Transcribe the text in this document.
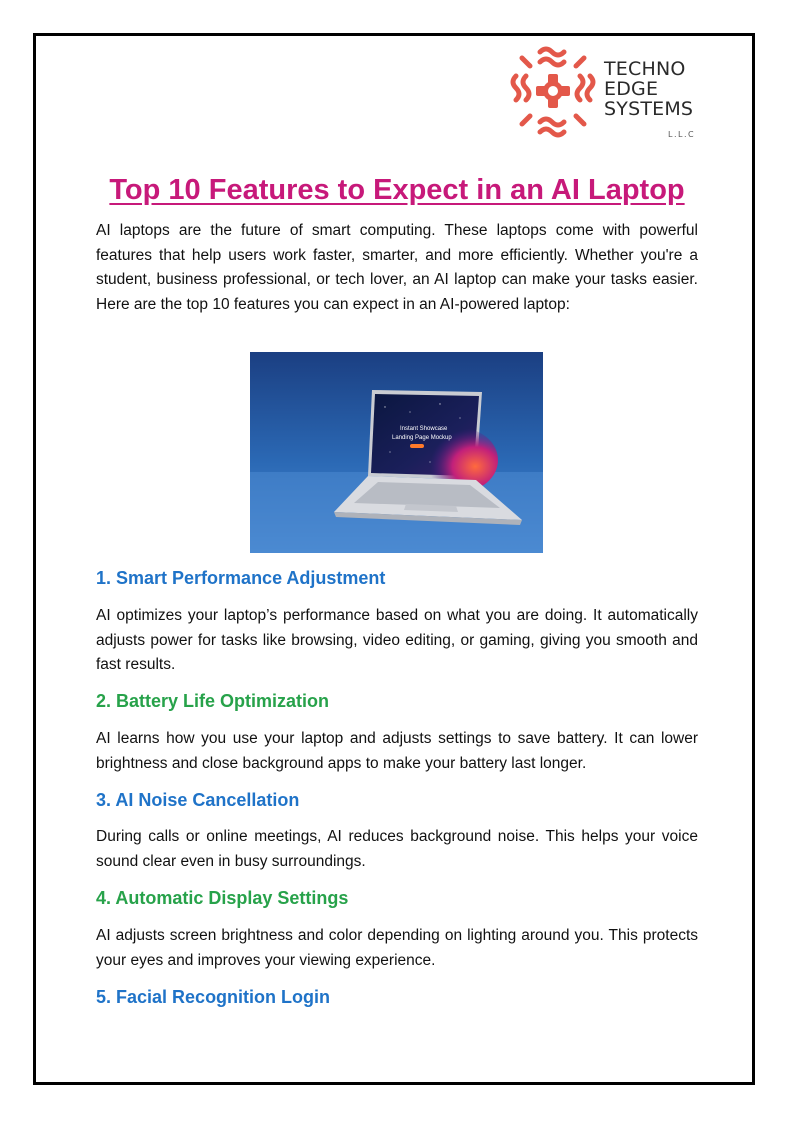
TECHNO
EDGE
SYSTEMS
L.L.C
Top 10 Features to Expect in an AI Laptop

AI laptops are the future of smart computing. These laptops come with powerful features that help users work faster, smarter, and more efficiently. Whether you're a student, business professional, or tech lover, an AI laptop can make your tasks easier. Here are the top 10 features you can expect in an AI-powered laptop:

Instant Showcase
Landing Page Mockup
1. Smart Performance Adjustment

AI optimizes your laptop’s performance based on what you are doing. It automatically adjusts power for tasks like browsing, video editing, or gaming, giving you smooth and fast results.

2. Battery Life Optimization

AI learns how you use your laptop and adjusts settings to save battery. It can lower brightness and close background apps to make your battery last longer.

3. AI Noise Cancellation

During calls or online meetings, AI reduces background noise. This helps your voice sound clear even in busy surroundings.

4. Automatic Display Settings

AI adjusts screen brightness and color depending on lighting around you. This protects your eyes and improves your viewing experience.

5. Facial Recognition Login
